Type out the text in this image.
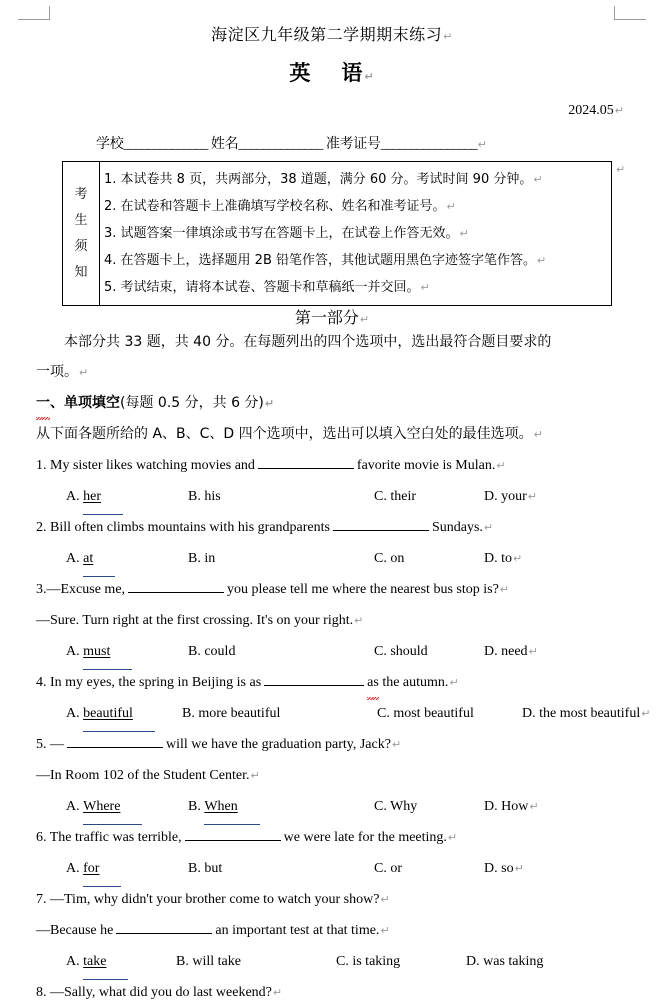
海淀区九年级第二学期期末练习↵
英 语↵
2024.05↵
学校______________ 姓名______________ 准考证号________________↵
考
生
须
知
1. 本试卷共 8 页，共两部分，38 道题，满分 60 分。考试时间 90 分钟。↵
2. 在试卷和答题卡上准确填写学校名称、姓名和准考证号。↵
3. 试题答案一律填涂或书写在答题卡上，在试卷上作答无效。↵
4. 在答题卡上，选择题用 2B 铅笔作答，其他试题用黑色字迹签字笔作答。↵
5. 考试结束，请将本试卷、答题卡和草稿纸一并交回。↵
↵
第一部分↵

本部分共 33 题，共 40 分。在每题列出的四个选项中，选出最符合题目要求的

一项。↵

一、单项填空(每题 0.5 分，共 6 分)↵

从下面各题所给的 A、B、C、D 四个选项中，选出可以填入空白处的最佳选项。↵

1. My sister likes watching movies and	favorite movie is Mulan.↵

A. her	B. his	C. their	D. your↵

2. Bill often climbs mountains with his grandparents	Sundays.↵

A. at	B. in	C. on	D. to↵

3.—Excuse me,	you please tell me where the nearest bus stop is?↵

—Sure. Turn right at the first crossing. It's on your right.↵

A. must	B. could	C. should	D. need↵

4. In my eyes, the spring in Beijing is as	as the autumn.↵

A. beautiful	B. more beautiful	C. most beautiful	D. the most beautiful↵

5. —	will we have the graduation party, Jack?↵

—In Room 102 of the Student Center.↵

A. Where	B. When	C. Why	D. How↵

6. The traffic was terrible,	we were late for the meeting.↵

A. for	B. but	C. or	D. so↵

7. —Tim, why didn't your brother come to watch your show?↵

—Because he	an important test at that time.↵

A. take	B. will take	C. is taking	D. was taking

8. —Sally, what did you do last weekend?↵
